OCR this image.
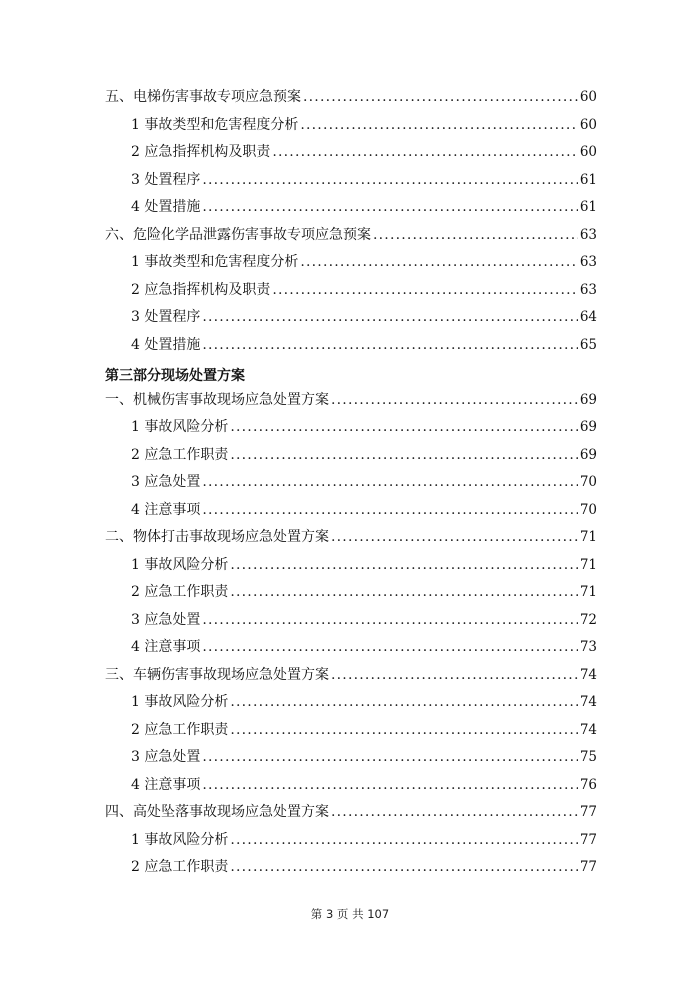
五、电梯伤害事故专项应急预案 .....	60
1 事故类型和危害程度分析 .....	60
2 应急指挥机构及职责 .....	60
3 处置程序 .....	61
4 处置措施 .....	61
六、危险化学品泄露伤害事故专项应急预案 .....	63
1 事故类型和危害程度分析 .....	63
2 应急指挥机构及职责 .....	63
3 处置程序 .....	64
4 处置措施 .....	65
第三部分现场处置方案
一、机械伤害事故现场应急处置方案 .....	69
1 事故风险分析 .....	69
2 应急工作职责 .....	69
3 应急处置 .....	70
4 注意事项 .....	70
二、物体打击事故现场应急处置方案 .....	71
1 事故风险分析 .....	71
2 应急工作职责 .....	71
3 应急处置 .....	72
4 注意事项 .....	73
三、车辆伤害事故现场应急处置方案 .....	74
1 事故风险分析 .....	74
2 应急工作职责 .....	74
3 应急处置 .....	75
4 注意事项 .....	76
四、高处坠落事故现场应急处置方案 .....	77
1 事故风险分析 .....	77
2 应急工作职责 .....	77
第 3 页 共 107
